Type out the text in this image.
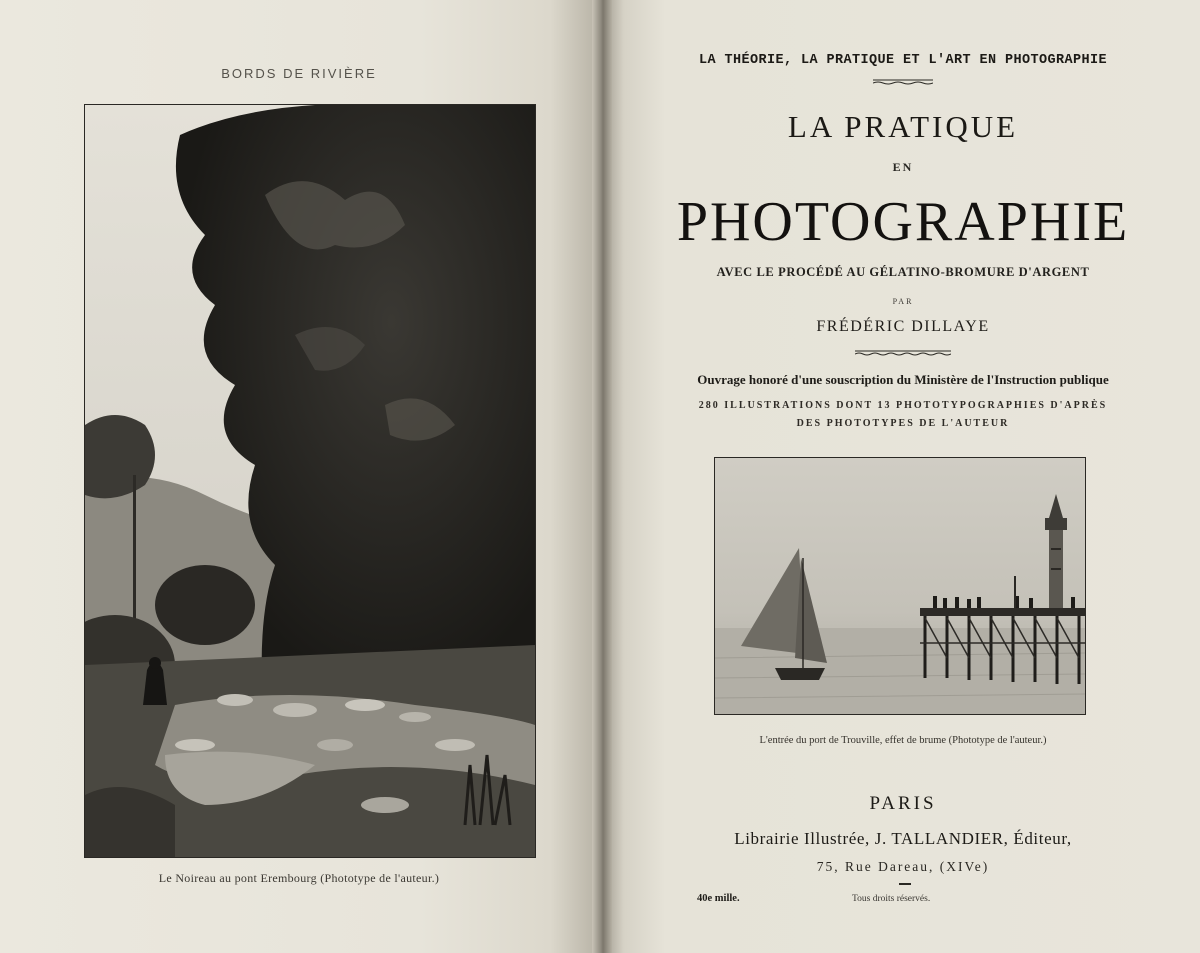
BORDS DE RIVIÈRE
Le Noireau au pont Erembourg (Phototype de l'auteur.)
LA THÉORIE, LA PRATIQUE ET L'ART EN PHOTOGRAPHIE
LA PRATIQUE
EN
PHOTOGRAPHIE
AVEC LE PROCÉDÉ AU GÉLATINO-BROMURE D'ARGENT
PAR
FRÉDÉRIC DILLAYE
Ouvrage honoré d'une souscription du Ministère de l'Instruction publique
280 ILLUSTRATIONS DONT 13 PHOTOTYPOGRAPHIES D'APRÈS
DES PHOTOTYPES DE L'AUTEUR
L'entrée du port de Trouville, effet de brume (Phototype de l'auteur.)
PARIS
Librairie Illustrée, J. TALLANDIER, Éditeur,
75, Rue Dareau, (XIVe)
40e mille.	Tous droits réservés.
